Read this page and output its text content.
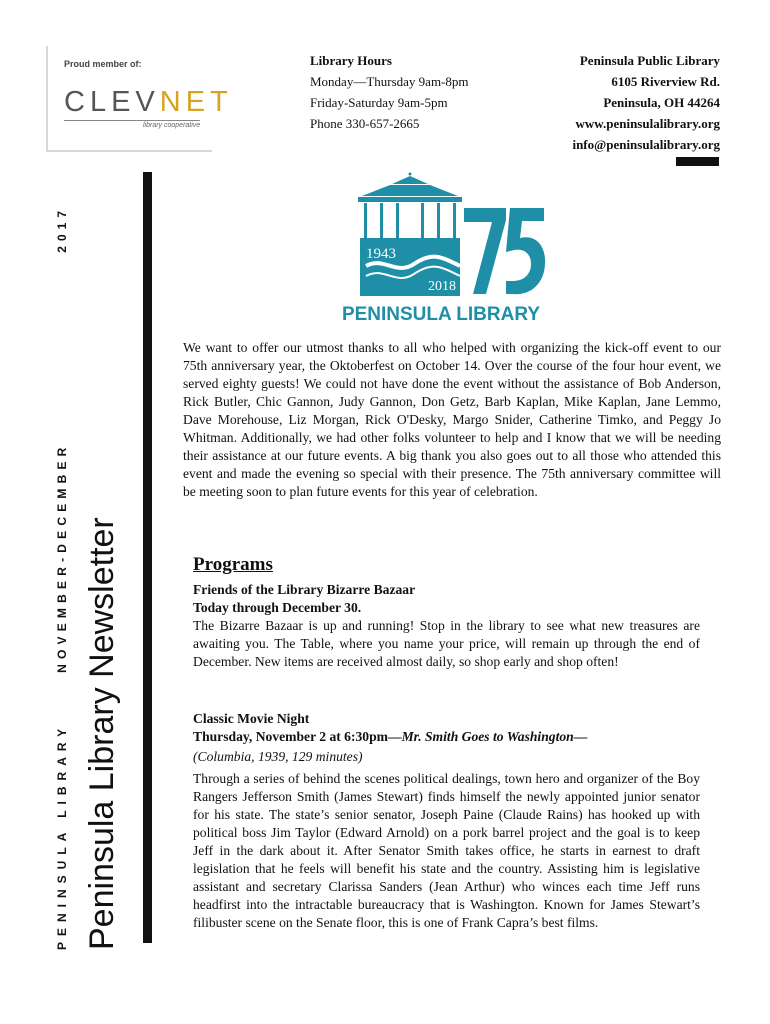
Proud member of:
CLEVNET
library cooperative
Library Hours
Monday—Thursday 9am-8pm
Friday-Saturday 9am-5pm
Phone 330-657-2665
Peninsula Public Library
6105 Riverview Rd.
Peninsula, OH 44264
www.peninsulalibrary.org
info@peninsulalibrary.org
Peninsula Library Newsletter
PENINSULA LIBRARY
NOVEMBER-DECEMBER
2017
1943
2018
PENINSULA LIBRARY
We want to offer our utmost thanks to all who helped with organizing the kick-off event to our 75th anniversary year, the Oktoberfest on October 14. Over the course of the four hour event, we served eighty guests! We could not have done the event without the assistance of Bob Anderson, Rick Butler, Chic Gannon, Judy Gannon, Don Getz, Barb Kaplan, Mike Kaplan, Jane Lemmo, Dave Morehouse, Liz Morgan, Rick O'Desky, Margo Snider, Catherine Timko, and Peggy Jo Whitman. Additionally, we had other folks volunteer to help and I know that we will be needing their assistance at our future events. A big thank you also goes out to all those who attended this event and made the evening so special with their presence. The 75th anniversary committee will be meeting soon to plan future events for this year of celebration.
Programs
Friends of the Library Bizarre Bazaar
Today through December 30.
The Bizarre Bazaar is up and running! Stop in the library to see what new treasures are awaiting you. The Table, where you name your price, will remain up through the end of December. New items are received almost daily, so shop early and shop often!
Classic Movie Night
Thursday, November 2 at 6:30pm—Mr. Smith Goes to Washington—
(Columbia, 1939, 129 minutes)
Through a series of behind the scenes political dealings, town hero and organizer of the Boy Rangers Jefferson Smith (James Stewart) finds himself the newly appointed junior senator for his state. The state’s senior senator, Joseph Paine (Claude Rains) has hooked up with political boss Jim Taylor (Edward Arnold) on a pork barrel project and the goal is to keep Jeff in the dark about it. After Senator Smith takes office, he starts in earnest to draft legislation that he feels will benefit his state and the country. Assisting him is legislative assistant and secretary Clarissa Sanders (Jean Arthur) who winces each time Jeff runs headfirst into the intractable bureaucracy that is Washington. Known for James Stewart’s filibuster scene on the Senate floor, this is one of Frank Capra’s best films.
